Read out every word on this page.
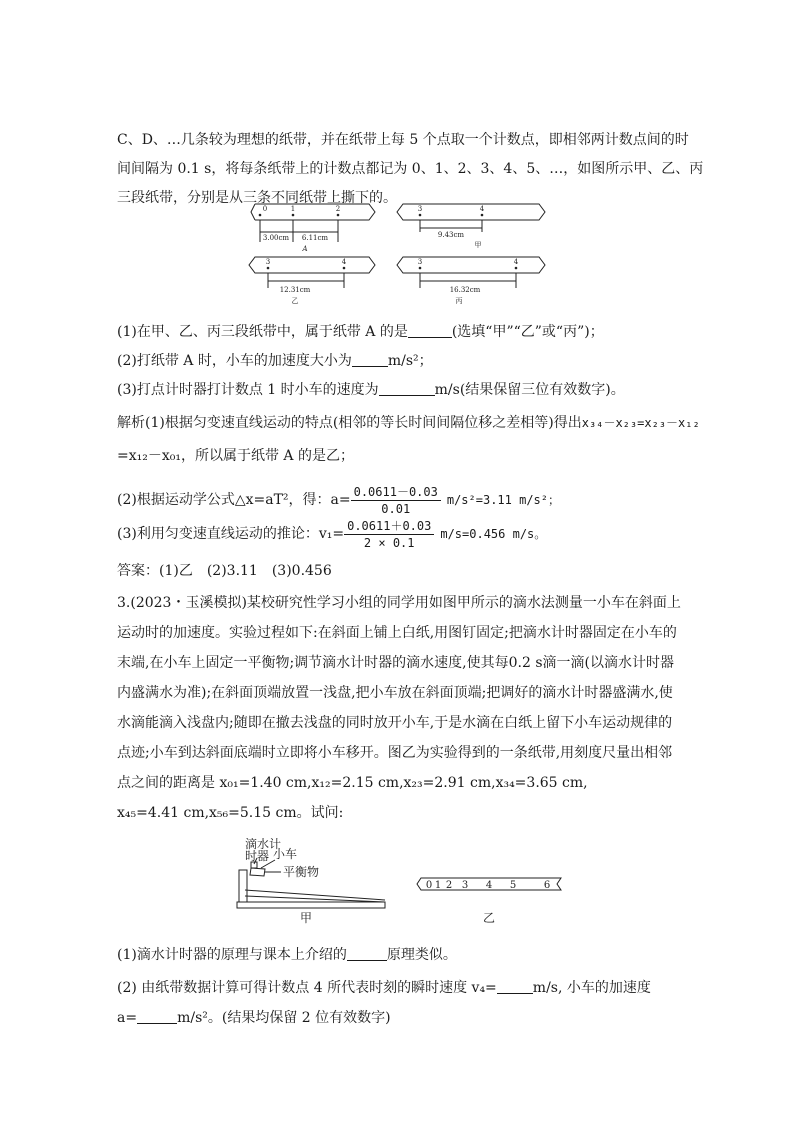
C、D、…几条较为理想的纸带，并在纸带上每 5 个点取一个计数点，即相邻两计数点间的时
间间隔为 0.1 s，将每条纸带上的计数点都记为 0、1、2、3、4、5、…，如图所示甲、乙、丙
三段纸带，分别是从三条不同纸带上撕下的。
0	1	2
3.00cm 6.11cm
A
3	4
9.43cm
甲
3	4
12.31cm
乙
3	4
16.32cm
丙
(1)在甲、乙、丙三段纸带中，属于纸带 A 的是	(选填“甲”“乙”或“丙”)；
(2)打纸带 A 时，小车的加速度大小为	m/s²；
(3)打点计时器打计数点 1 时小车的速度为	m/s(结果保留三位有效数字)。
解析(1)根据匀变速直线运动的特点(相邻的等长时间间隔位移之差相等)得出x₃₄－x₂₃=x₂₃－x₁₂
=x₁₂－x₀₁，所以属于纸带 A 的是乙；
(2)根据运动学公式△x=aT²，得：$a= \frac{0.0611-0.03}{0.01} m/s^2=3.11$ m/s²；
(3)利用匀变速直线运动的推论：$v_1= \frac{0.0611+0.03}{2 \times 0.1} m/s=0.456$ m/s。
答案：(1)乙　(2)3.11　(3)0.456
3.(2023・玉溪模拟)某校研究性学习小组的同学用如图甲所示的滴水法测量一小车在斜面上
运动时的加速度。实验过程如下:在斜面上铺上白纸,用图钉固定;把滴水计时器固定在小车的
末端,在小车上固定一平衡物;调节滴水计时器的滴水速度,使其每0.2 s滴一滴(以滴水计时器
内盛满水为准);在斜面顶端放置一浅盘,把小车放在斜面顶端;把调好的滴水计时器盛满水,使
水滴能滴入浅盘内;随即在撤去浅盘的同时放开小车,于是水滴在白纸上留下小车运动规律的
点迹;小车到达斜面底端时立即将小车移开。图乙为实验得到的一条纸带,用刻度尺量出相邻
点之间的距离是 x₀₁=1.40 cm,x₁₂=2.15 cm,x₂₃=2.91 cm,x₃₄=3.65 cm,
x₄₅=4.41 cm,x₅₆=5.15 cm。试问:
滴水计
时器 小车
平衡物
甲	乙
0 1 2 3 4 5	6
(1)滴水计时器的原理与课本上介绍的	原理类似。
(2) 由纸带数据计算可得计数点 4 所代表时刻的瞬时速度 v₄=	m/s, 小车的加速度
a=	m/s²。(结果均保留 2 位有效数字)
